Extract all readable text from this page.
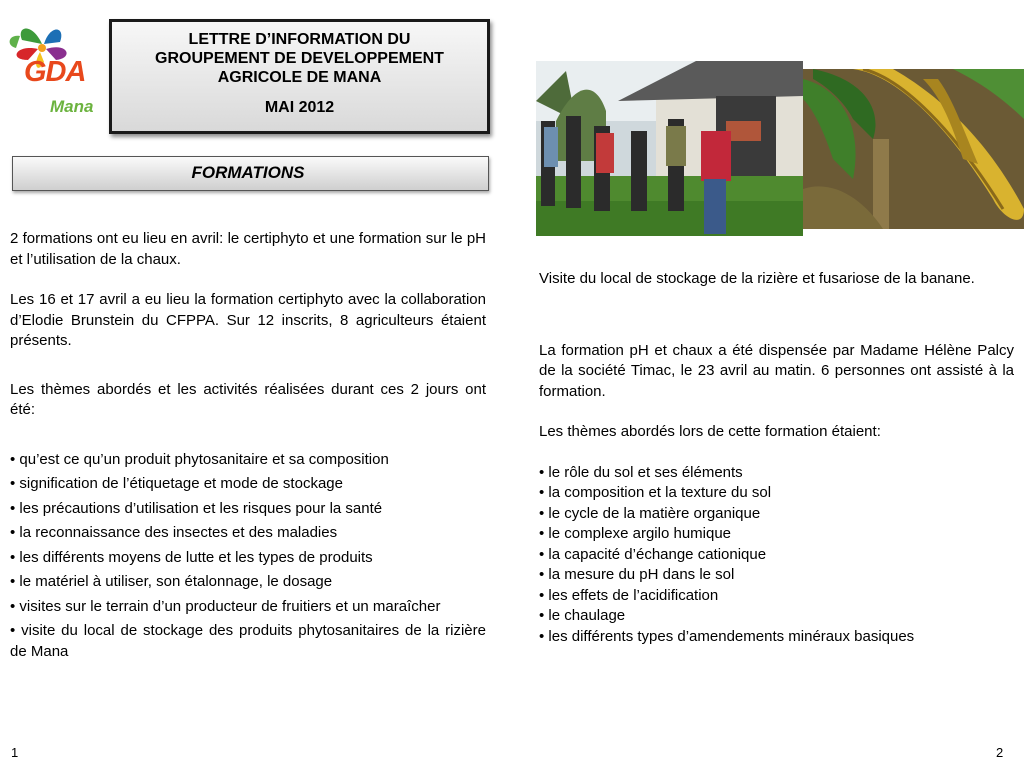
GDA
Mana
LETTRE D’INFORMATION DU
GROUPEMENT DE DEVELOPPEMENT
AGRICOLE DE MANA
MAI 2012
FORMATIONS

2 formations ont eu lieu en avril: le certiphyto et une formation sur le pH et l’utilisation de la chaux.

Les 16 et 17 avril a eu lieu la formation certiphyto avec la collaboration d’Elodie Brunstein du CFPPA. Sur 12 inscrits, 8 agriculteurs étaient présents.

Les thèmes abordés et les activités réalisées durant ces 2 jours ont été:

• qu’est ce qu’un produit phytosanitaire et sa composition
• signification de l’étiquetage et mode de stockage
• les précautions d’utilisation et les risques pour la santé
• la reconnaissance des insectes et des maladies
• les différents moyens de lutte et les types de produits
• le matériel à utiliser, son étalonnage, le dosage
• visites sur le terrain d’un producteur de fruitiers et un maraîcher
• visite du local de stockage des produits phytosanitaires de la rizière de Mana

Visite du local de stockage de la rizière et fusariose de la banane.

La formation pH et chaux a été dispensée par Madame Hélène Palcy de la société Timac, le 23 avril au matin. 6 personnes ont assisté à la formation.

Les thèmes abordés lors de cette formation étaient:

• le rôle du sol et ses éléments
• la composition et la texture du sol
• le cycle de la matière organique
• le complexe argilo humique
• la capacité d’échange cationique
• la mesure du pH dans le sol
• les effets de l’acidification
• le chaulage
• les différents types d’amendements minéraux basiques
1	2
